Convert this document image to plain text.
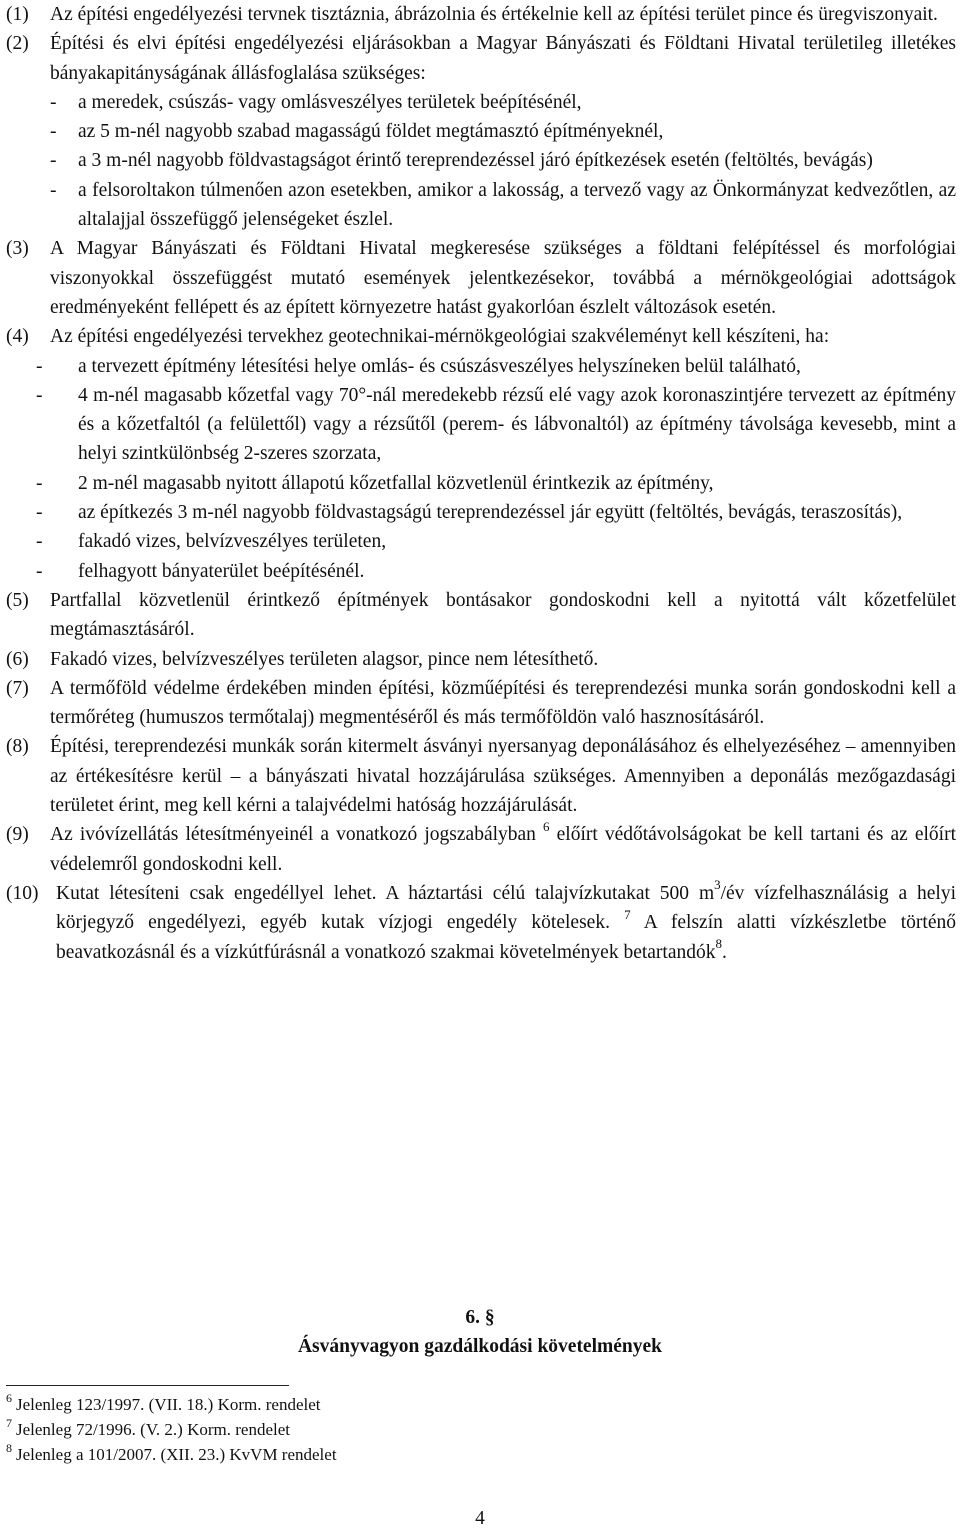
(1) Az építési engedélyezési tervnek tisztáznia, ábrázolnia és értékelnie kell az építési terület pince és üregviszonyait.
(2) Építési és elvi építési engedélyezési eljárásokban a Magyar Bányászati és Földtani Hivatal területileg illetékes bányakapitányságának állásfoglalása szükséges:
- a meredek, csúszás- vagy omlásveszélyes területek beépítésénél,
- az 5 m-nél nagyobb szabad magasságú földet megtámasztó építményeknél,
- a 3 m-nél nagyobb földvastagságot érintő tereprendezéssel járó építkezések esetén (feltöltés, bevágás)
- a felsoroltakon túlmenően azon esetekben, amikor a lakosság, a tervező vagy az Önkormányzat kedvezőtlen, az altalajjal összefüggő jelenségeket észlel.
(3) A Magyar Bányászati és Földtani Hivatal megkeresése szükséges a földtani felépítéssel és morfológiai viszonyokkal összefüggést mutató események jelentkezésekor, továbbá a mérnökgeológiai adottságok eredményeként fellépett és az épített környezetre hatást gyakorlóan észlelt változások esetén.
(4) Az építési engedélyezési tervekhez geotechnikai-mérnökgeológiai szakvéleményt kell készíteni, ha:
- a tervezett építmény létesítési helye omlás- és csúszásveszélyes helyszíneken belül található,
- 4 m-nél magasabb kőzetfal vagy 70°-nál meredekebb rézsű elé vagy azok koronaszintjére tervezett az építmény és a kőzetfaltól (a felülettől) vagy a rézsűtől (perem- és lábvonaltól) az építmény távolsága kevesebb, mint a helyi szintkülönbség 2-szeres szorzata,
- 2 m-nél magasabb nyitott állapotú kőzetfallal közvetlenül érintkezik az építmény,
- az építkezés 3 m-nél nagyobb földvastagságú tereprendezéssel jár együtt (feltöltés, bevágás, teraszosítás),
- fakadó vizes, belvízveszélyes területen,
- felhagyott bányaterület beépítésénél.
(5) Partfallal közvetlenül érintkező építmények bontásakor gondoskodni kell a nyitottá vált kőzetfelület megtámasztásáról.
(6) Fakadó vizes, belvízveszélyes területen alagsor, pince nem létesíthető.
(7) A termőföld védelme érdekében minden építési, közműépítési és tereprendezési munka során gondoskodni kell a termőréteg (humuszos termőtalaj) megmentéséről és más termőföldön való hasznosításáról.
(8) Építési, tereprendezési munkák során kitermelt ásványi nyersanyag deponálásához és elhelyezéséhez – amennyiben az értékesítésre kerül – a bányászati hivatal hozzájárulása szükséges. Amennyiben a deponálás mezőgazdasági területet érint, meg kell kérni a talajvédelmi hatóság hozzájárulását.
(9) Az ivóvízellátás létesítményeinél a vonatkozó jogszabályban $^6$ előírt védőtávolságokat be kell tartani és az előírt védelemről gondoskodni kell.
(10) Kutat létesíteni csak engedéllyel lehet. A háztartási célú talajvízkutakat 500 $m^3/év$ vízfelhasználásig a helyi körjegyző engedélyezi, egyéb kutak vízjogi engedély kötelesek. $^7$ A felszín alatti vízkészletbe történő beavatkozásnál és a vízkútfúrásnál a vonatkozó szakmai követelmények betartandók$^8$.
6. §
Ásványvagyon gazdálkodási követelmények
$^6$ Jelenleg 123/1997. (VII. 18.) Korm. rendelet
$^7$ Jelenleg 72/1996. (V. 2.) Korm. rendelet
$^8$ Jelenleg a 101/2007. (XII. 23.) KvVM rendelet
4
